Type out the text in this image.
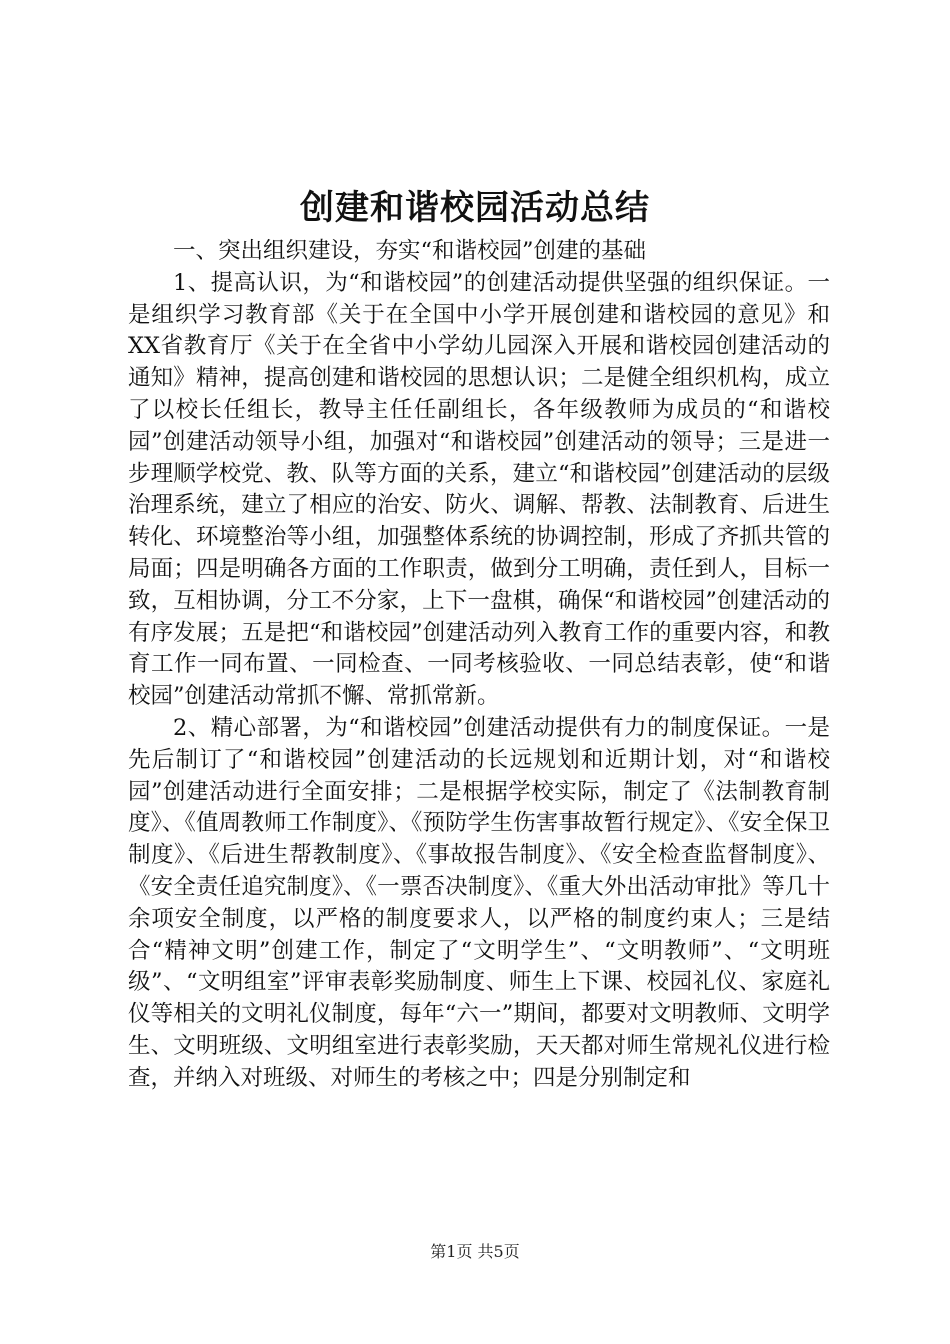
创建和谐校园活动总结

一、突出组织建设，夯实“和谐校园”创建的基础

1、提高认识，为“和谐校园”的创建活动提供坚强的组织保证。一是组织学习教育部《关于在全国中小学开展创建和谐校园的意见》和XX省教育厅《关于在全省中小学幼儿园深入开展和谐校园创建活动的通知》精神，提高创建和谐校园的思想认识；二是健全组织机构，成立了以校长任组长，教导主任任副组长，各年级教师为成员的“和谐校园”创建活动领导小组，加强对“和谐校园”创建活动的领导；三是进一步理顺学校党、教、队等方面的关系，建立“和谐校园”创建活动的层级治理系统，建立了相应的治安、防火、调解、帮教、法制教育、后进生转化、环境整治等小组，加强整体系统的协调控制，形成了齐抓共管的局面；四是明确各方面的工作职责，做到分工明确，责任到人，目标一致，互相协调，分工不分家，上下一盘棋，确保“和谐校园”创建活动的有序发展；五是把“和谐校园”创建活动列入教育工作的重要内容，和教育工作一同布置、一同检查、一同考核验收、一同总结表彰，使“和谐校园”创建活动常抓不懈、常抓常新。

2、精心部署，为“和谐校园”创建活动提供有力的制度保证。一是先后制订了“和谐校园”创建活动的长远规划和近期计划，对“和谐校园”创建活动进行全面安排；二是根据学校实际，制定了《法制教育制度》、《值周教师工作制度》、《预防学生伤害事故暂行规定》、《安全保卫制度》、《后进生帮教制度》、《事故报告制度》、《安全检查监督制度》、《安全责任追究制度》、《一票否决制度》、《重大外出活动审批》等几十余项安全制度，以严格的制度要求人，以严格的制度约束人；三是结合“精神文明”创建工作，制定了“文明学生”、“文明教师”、“文明班级”、“文明组室”评审表彰奖励制度、师生上下课、校园礼仪、家庭礼仪等相关的文明礼仪制度，每年“六一”期间，都要对文明教师、文明学生、文明班级、文明组室进行表彰奖励，天天都对师生常规礼仪进行检查，并纳入对班级、对师生的考核之中；四是分别制定和

第1页 共5页
